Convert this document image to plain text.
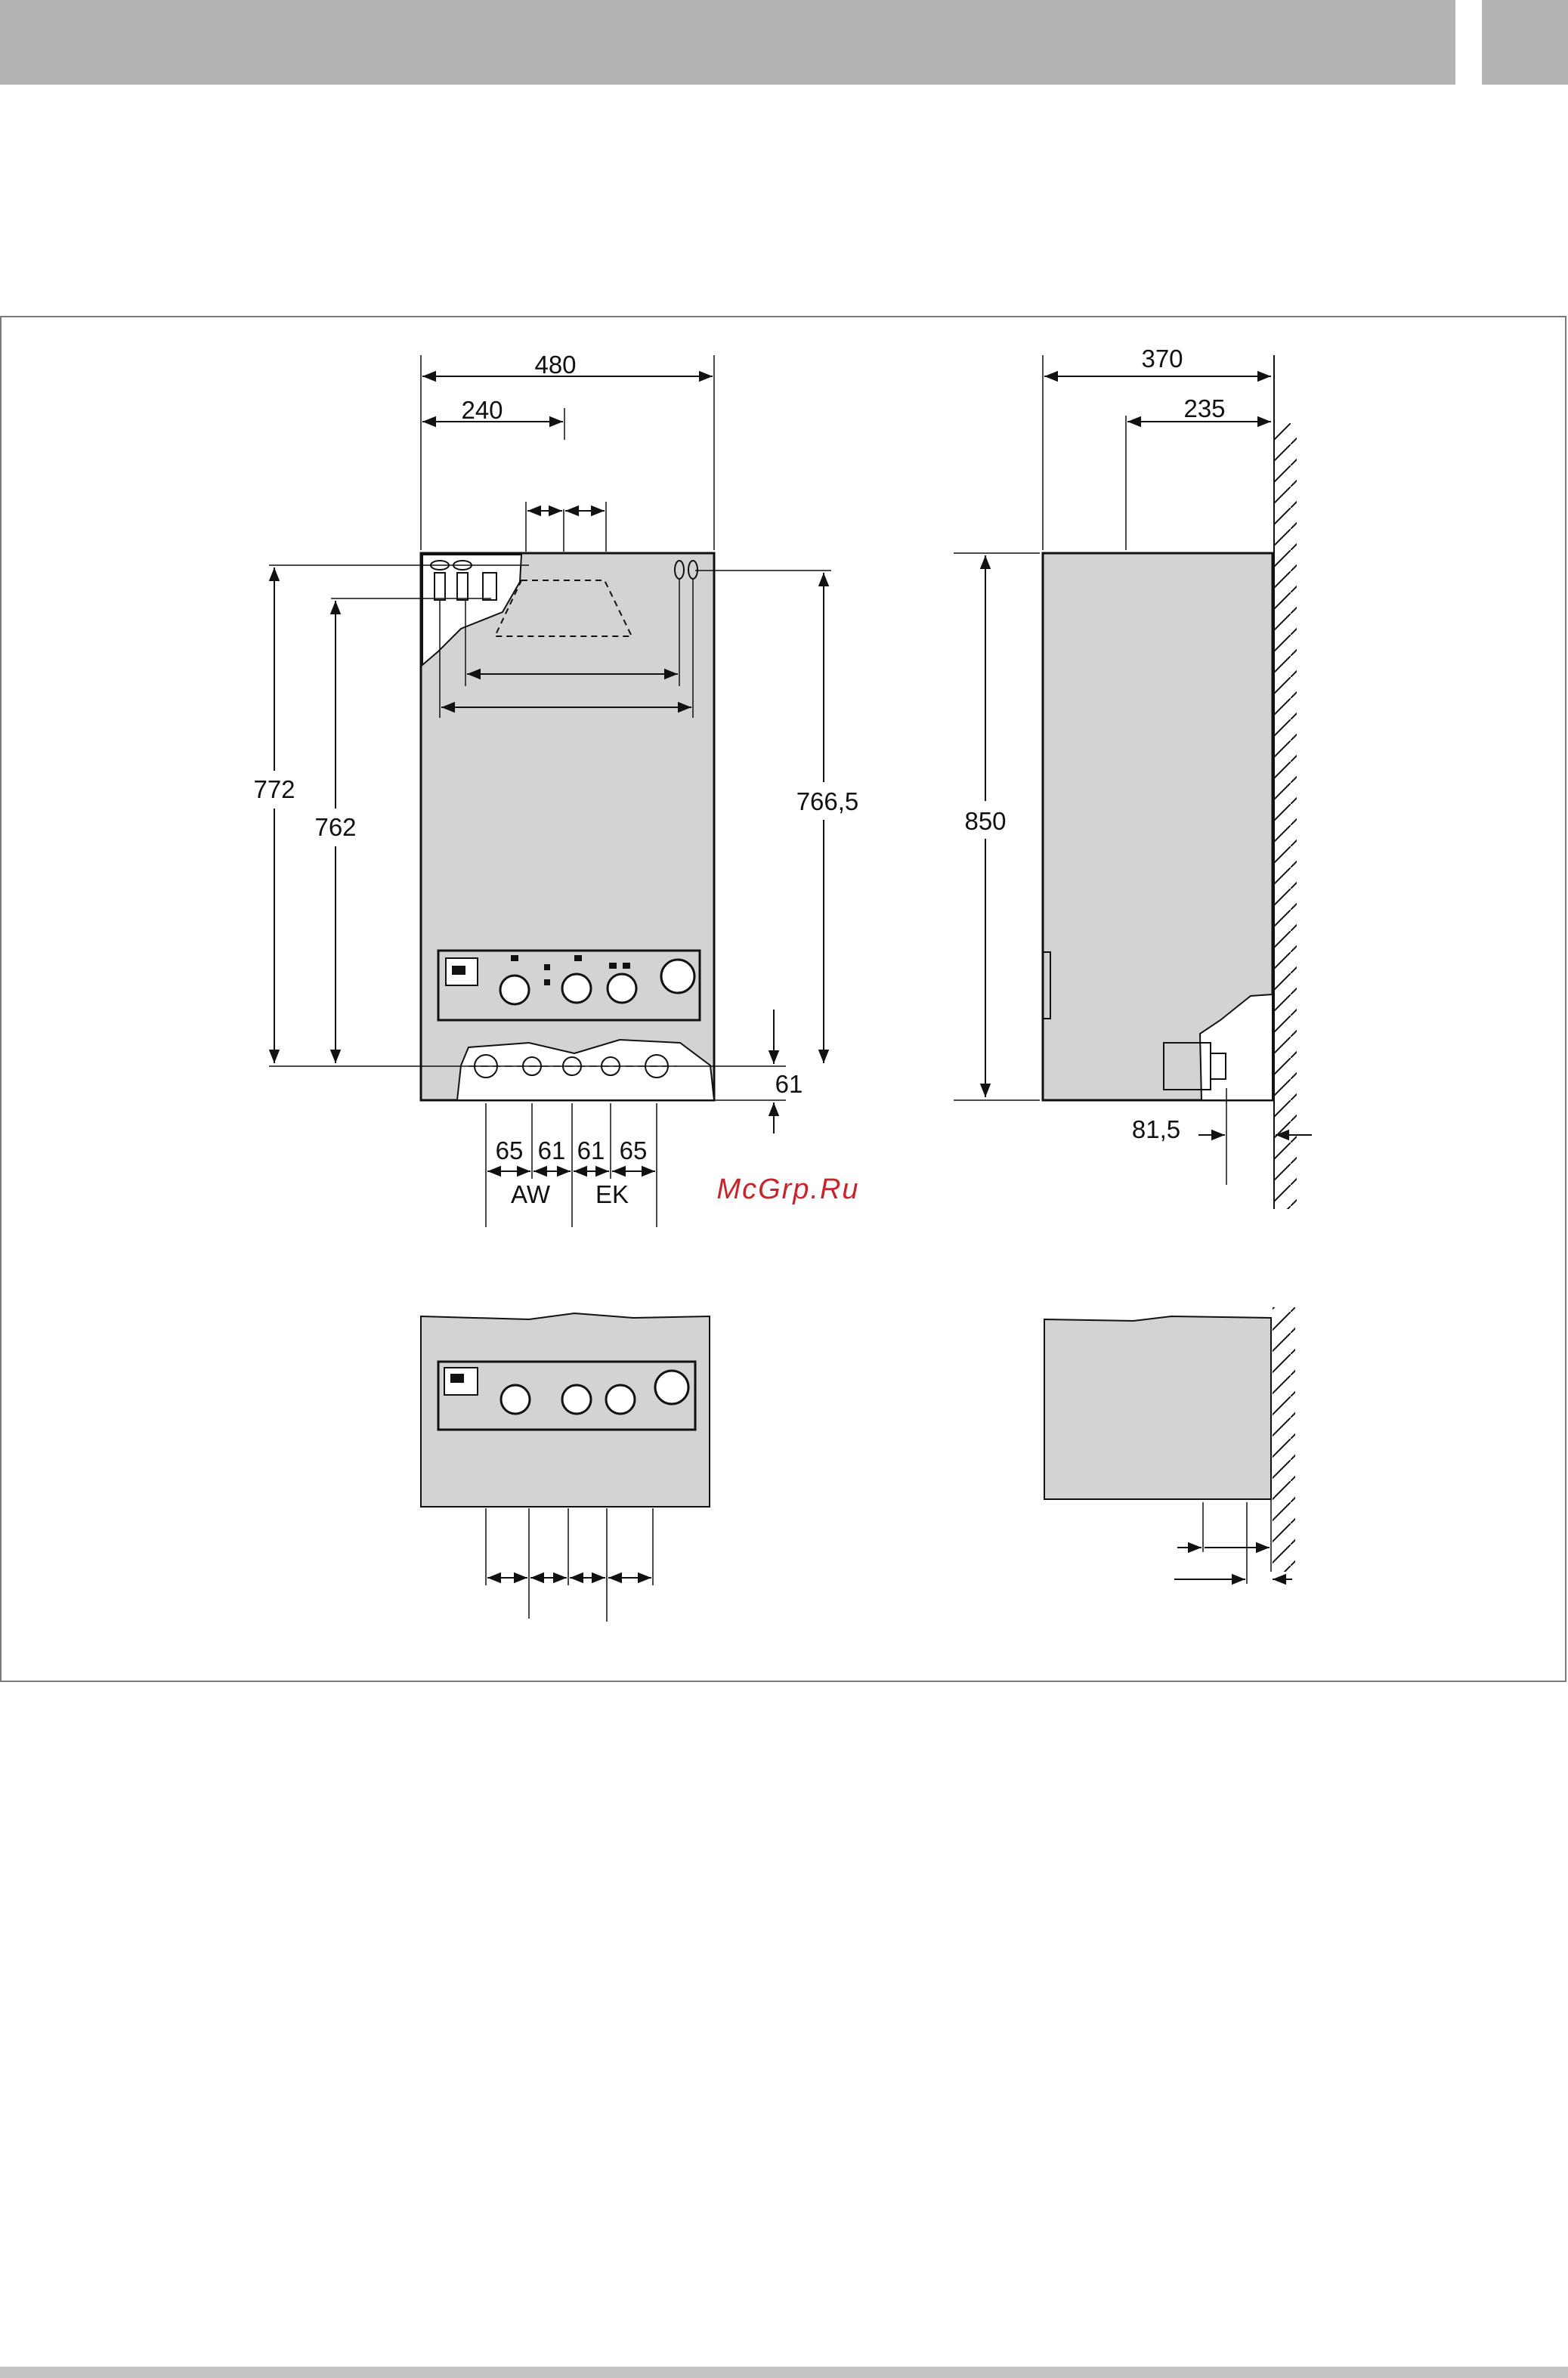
480
240
772
762
766,5
61
65 61 61 65
AW EK	McGrp.Ru
370
235
850
81,5
